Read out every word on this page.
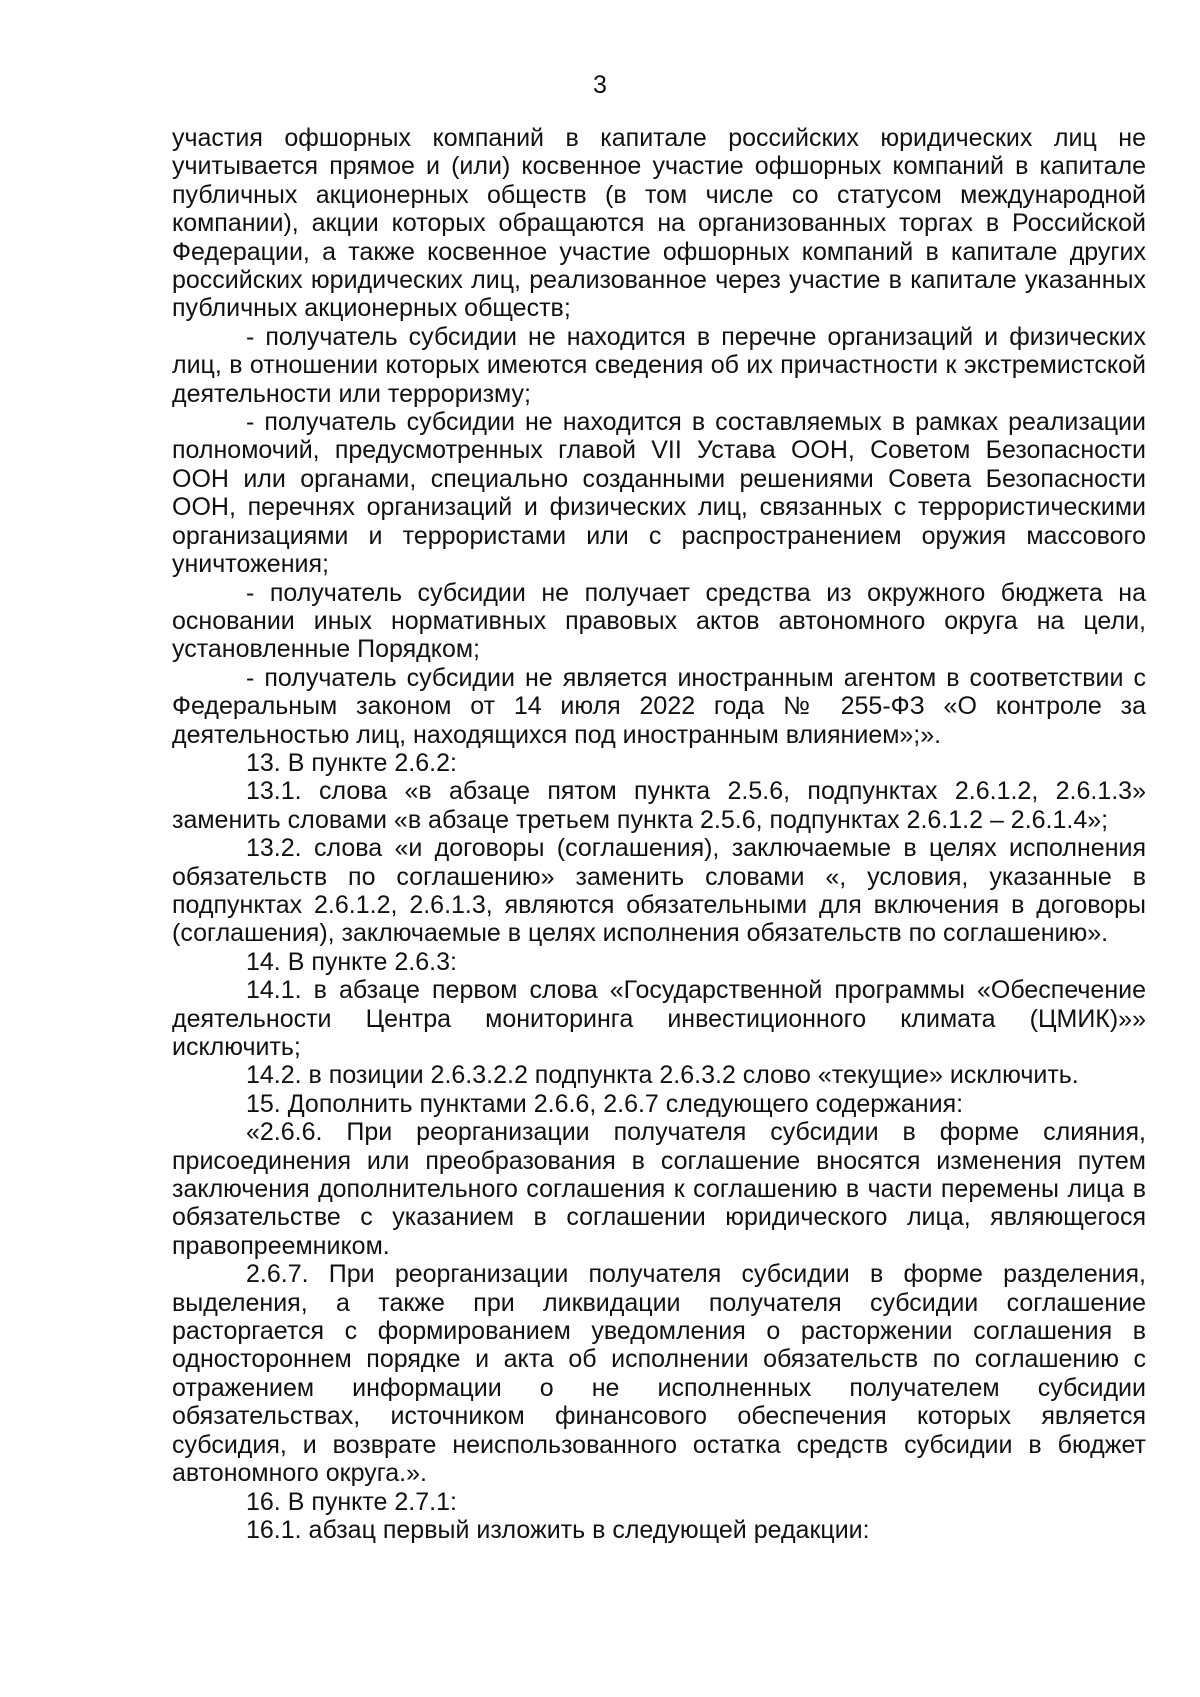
3

участия офшорных компаний в капитале российских юридических лиц не учитывается прямое и (или) косвенное участие офшорных компаний в капитале публичных акционерных обществ (в том числе со статусом международной компании), акции которых обращаются на организованных торгах в Российской Федерации, а также косвенное участие офшорных компаний в капитале других российских юридических лиц, реализованное через участие в капитале указанных публичных акционерных обществ;

- получатель субсидии не находится в перечне организаций и физических лиц, в отношении которых имеются сведения об их причастности к экстремистской деятельности или терроризму;

- получатель субсидии не находится в составляемых в рамках реализации полномочий, предусмотренных главой VII Устава ООН, Советом Безопасности ООН или органами, специально созданными решениями Совета Безопасности ООН, перечнях организаций и физических лиц, связанных с террористическими организациями и террористами или с распространением оружия массового уничтожения;

- получатель субсидии не получает средства из окружного бюджета на основании иных нормативных правовых актов автономного округа на цели, установленные Порядком;

- получатель субсидии не является иностранным агентом в соответствии с Федеральным законом от 14 июля 2022 года № 255-ФЗ «О контроле за деятельностью лиц, находящихся под иностранным влиянием»;».

13. В пункте 2.6.2:

13.1. слова «в абзаце пятом пункта 2.5.6, подпунктах 2.6.1.2, 2.6.1.3» заменить словами «в абзаце третьем пункта 2.5.6, подпунктах 2.6.1.2 – 2.6.1.4»;

13.2. слова «и договоры (соглашения), заключаемые в целях исполнения обязательств по соглашению» заменить словами «, условия, указанные в подпунктах 2.6.1.2, 2.6.1.3, являются обязательными для включения в договоры (соглашения), заключаемые в целях исполнения обязательств по соглашению».

14. В пункте 2.6.3:

14.1. в абзаце первом слова «Государственной программы «Обеспечение деятельности Центра мониторинга инвестиционного климата (ЦМИК)»» исключить;

14.2. в позиции 2.6.3.2.2 подпункта 2.6.3.2 слово «текущие» исключить.

15. Дополнить пунктами 2.6.6, 2.6.7 следующего содержания:

«2.6.6. При реорганизации получателя субсидии в форме слияния, присоединения или преобразования в соглашение вносятся изменения путем заключения дополнительного соглашения к соглашению в части перемены лица в обязательстве с указанием в соглашении юридического лица, являющегося правопреемником.

2.6.7. При реорганизации получателя субсидии в форме разделения, выделения, а также при ликвидации получателя субсидии соглашение расторгается с формированием уведомления о расторжении соглашения в одностороннем порядке и акта об исполнении обязательств по соглашению с отражением информации о не исполненных получателем субсидии обязательствах, источником финансового обеспечения которых является субсидия, и возврате неиспользованного остатка средств субсидии в бюджет автономного округа.».

16. В пункте 2.7.1:

16.1. абзац первый изложить в следующей редакции:
